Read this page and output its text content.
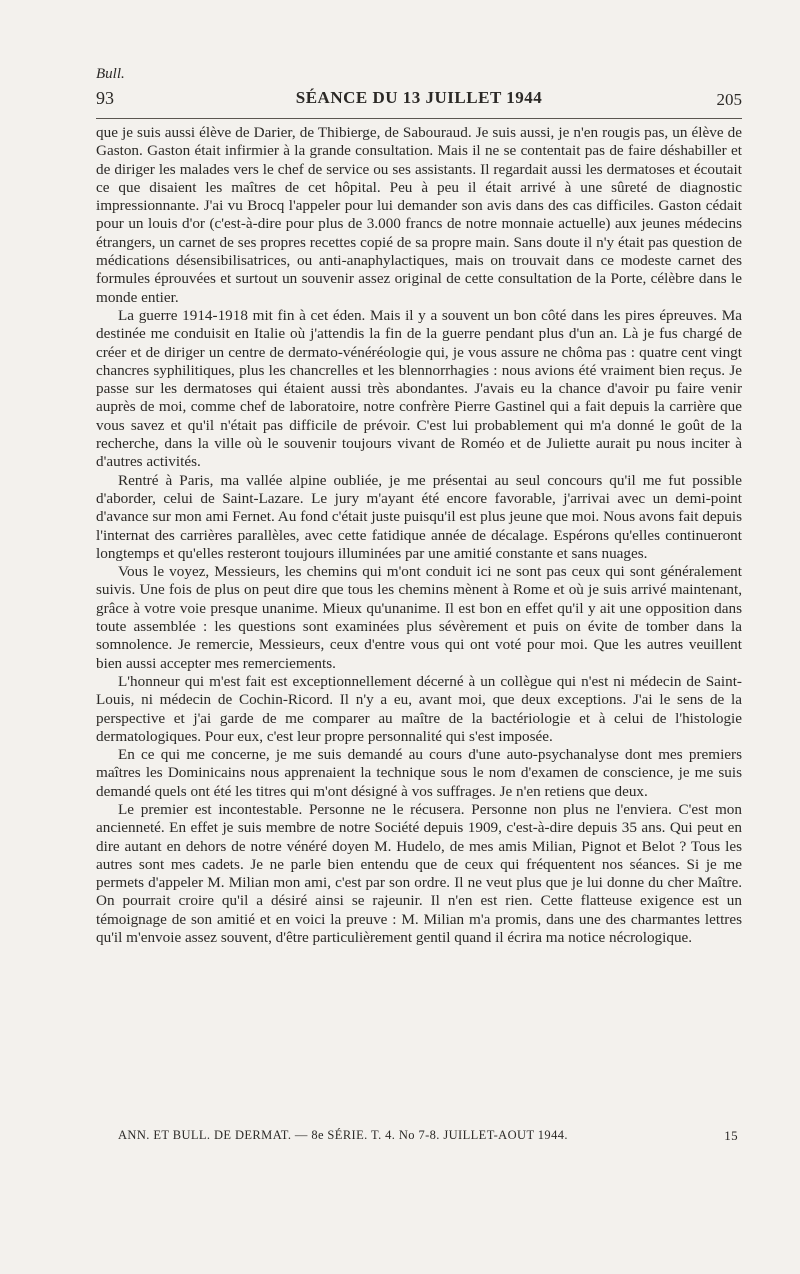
Bull.
93	SÉANCE DU 13 JUILLET 1944	205

que je suis aussi élève de Darier, de Thibierge, de Sabouraud. Je suis aussi, je n'en rougis pas, un élève de Gaston. Gaston était infirmier à la grande consultation. Mais il ne se contentait pas de faire déshabiller et de diriger les malades vers le chef de service ou ses assistants. Il regardait aussi les dermatoses et écoutait ce que disaient les maîtres de cet hôpital. Peu à peu il était arrivé à une sûreté de diagnostic impressionnante. J'ai vu Brocq l'appeler pour lui demander son avis dans des cas difficiles. Gaston cédait pour un louis d'or (c'est-à-dire pour plus de 3.000 francs de notre monnaie actuelle) aux jeunes médecins étrangers, un carnet de ses propres recettes copié de sa propre main. Sans doute il n'y était pas question de médications désensibilisatrices, ou anti-anaphylactiques, mais on trouvait dans ce modeste carnet des formules éprouvées et surtout un souvenir assez original de cette consultation de la Porte, célèbre dans le monde entier.

La guerre 1914-1918 mit fin à cet éden. Mais il y a souvent un bon côté dans les pires épreuves. Ma destinée me conduisit en Italie où j'attendis la fin de la guerre pendant plus d'un an. Là je fus chargé de créer et de diriger un centre de dermato-vénéréologie qui, je vous assure ne chôma pas : quatre cent vingt chancres syphilitiques, plus les chancrelles et les blennorrhagies : nous avions été vraiment bien reçus. Je passe sur les dermatoses qui étaient aussi très abondantes. J'avais eu la chance d'avoir pu faire venir auprès de moi, comme chef de laboratoire, notre confrère Pierre Gastinel qui a fait depuis la carrière que vous savez et qu'il n'était pas difficile de prévoir. C'est lui probablement qui m'a donné le goût de la recherche, dans la ville où le souvenir toujours vivant de Roméo et de Juliette aurait pu nous inciter à d'autres activités.

Rentré à Paris, ma vallée alpine oubliée, je me présentai au seul concours qu'il me fut possible d'aborder, celui de Saint-Lazare. Le jury m'ayant été encore favorable, j'arrivai avec un demi-point d'avance sur mon ami Fernet. Au fond c'était juste puisqu'il est plus jeune que moi. Nous avons fait depuis l'internat des carrières parallèles, avec cette fatidique année de décalage. Espérons qu'elles continueront longtemps et qu'elles resteront toujours illuminées par une amitié constante et sans nuages.

Vous le voyez, Messieurs, les chemins qui m'ont conduit ici ne sont pas ceux qui sont généralement suivis. Une fois de plus on peut dire que tous les chemins mènent à Rome et où je suis arrivé maintenant, grâce à votre voie presque unanime. Mieux qu'unanime. Il est bon en effet qu'il y ait une opposition dans toute assemblée : les questions sont examinées plus sévèrement et puis on évite de tomber dans la somnolence. Je remercie, Messieurs, ceux d'entre vous qui ont voté pour moi. Que les autres veuillent bien aussi accepter mes remerciements.

L'honneur qui m'est fait est exceptionnellement décerné à un collègue qui n'est ni médecin de Saint-Louis, ni médecin de Cochin-Ricord. Il n'y a eu, avant moi, que deux exceptions. J'ai le sens de la perspective et j'ai garde de me comparer au maître de la bactériologie et à celui de l'histologie dermatologiques. Pour eux, c'est leur propre personnalité qui s'est imposée.

En ce qui me concerne, je me suis demandé au cours d'une auto-psychanalyse dont mes premiers maîtres les Dominicains nous apprenaient la technique sous le nom d'examen de conscience, je me suis demandé quels ont été les titres qui m'ont désigné à vos suffrages. Je n'en retiens que deux.

Le premier est incontestable. Personne ne le récusera. Personne non plus ne l'enviera. C'est mon ancienneté. En effet je suis membre de notre Société depuis 1909, c'est-à-dire depuis 35 ans. Qui peut en dire autant en dehors de notre vénéré doyen M. Hudelo, de mes amis Milian, Pignot et Belot ? Tous les autres sont mes cadets. Je ne parle bien entendu que de ceux qui fréquentent nos séances. Si je me permets d'appeler M. Milian mon ami, c'est par son ordre. Il ne veut plus que je lui donne du cher Maître. On pourrait croire qu'il a désiré ainsi se rajeunir. Il n'en est rien. Cette flatteuse exigence est un témoignage de son amitié et en voici la preuve : M. Milian m'a promis, dans une des charmantes lettres qu'il m'envoie assez souvent, d'être particulièrement gentil quand il écrira ma notice nécrologique.

ANN. ET BULL. DE DERMAT. — 8e SÉRIE. T. 4. No 7-8. JUILLET-AOUT 1944.	15
